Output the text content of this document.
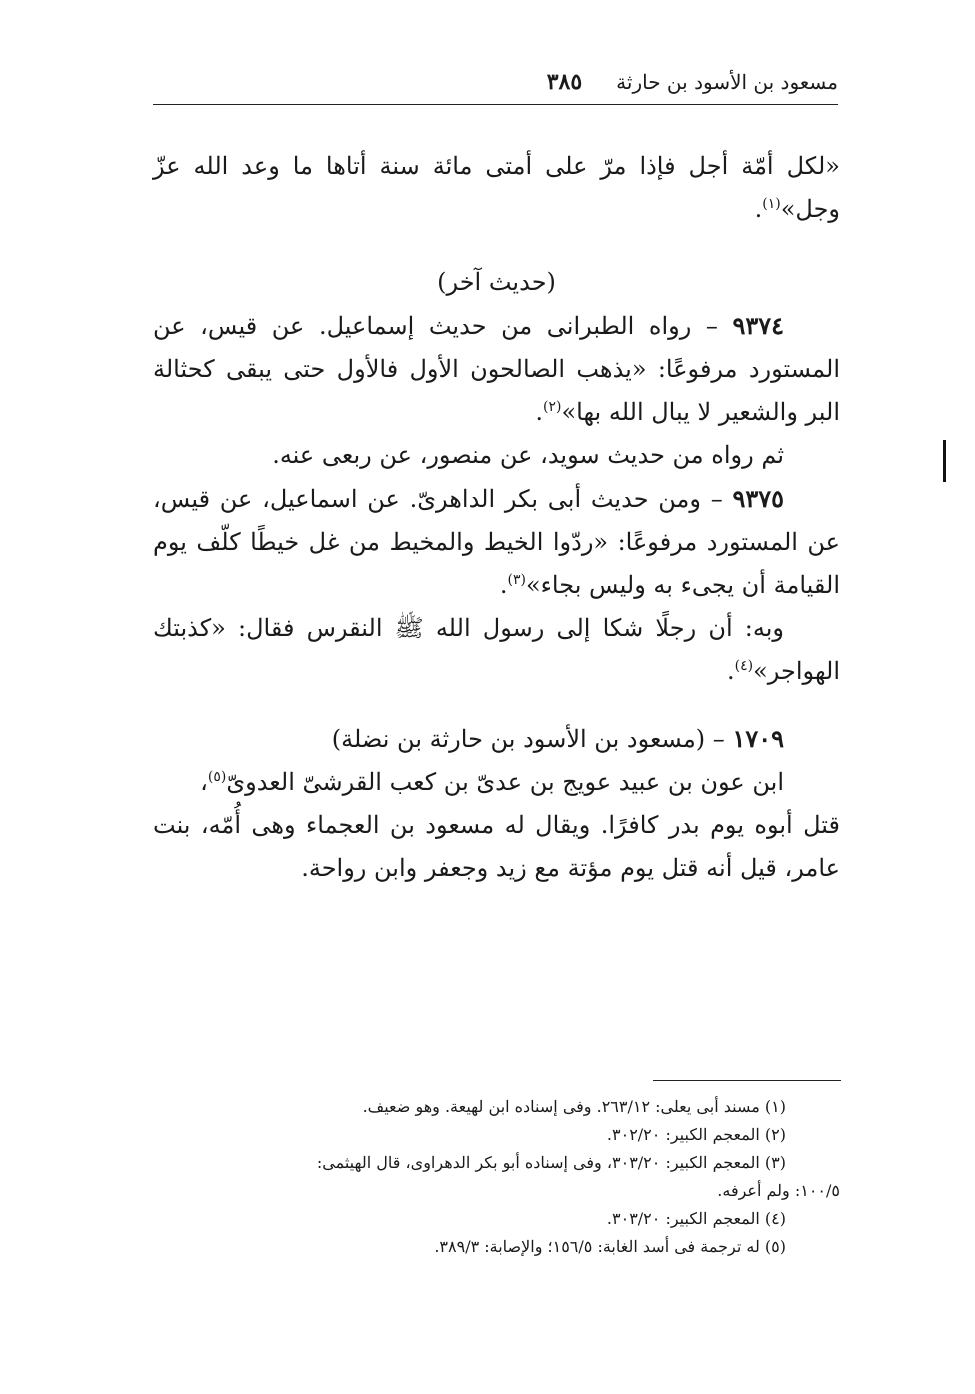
مسعود بن الأسود بن حارثة
٣٨٥

«لكل أمّة أجل فإذا مرّ على أمتى مائة سنة أتاها ما وعد الله عزّ وجل»$^{(١)}$.

(حديث آخر)

٩٣٧٤ – رواه الطبرانى من حديث إسماعيل. عن قيس، عن المستورد مرفوعًا: «يذهب الصالحون الأول فالأول حتى يبقى كحثالة البر والشعير لا يبال الله بها»$^{(٢)}$.

ثم رواه من حديث سويد، عن منصور، عن ربعى عنه.

٩٣٧٥ – ومن حديث أبى بكر الداهرىّ. عن اسماعيل، عن قيس، عن المستورد مرفوعًا: «ردّوا الخيط والمخيط من غل خيطًا كلّف يوم القيامة أن يجىء به وليس بجاء»$^{(٣)}$.

وبه: أن رجلًا شكا إلى رسول الله ﷺ النقرس فقال: «كذبتك الهواجر»$^{(٤)}$.

١٧٠٩ – (مسعود بن الأسود بن حارثة بن نضلة)

ابن عون بن عبيد عويج بن عدىّ بن كعب القرشىّ العدوىّ$^{(٥)}$،

قتل أبوه يوم بدر كافرًا. ويقال له مسعود بن العجماء وهى أُمّه، بنت عامر، قيل أنه قتل يوم مؤتة مع زيد وجعفر وابن رواحة.

(١) مسند أبى يعلى: ٢٦٣/١٢. وفى إسناده ابن لهيعة. وهو ضعيف.

(٢) المعجم الكبير: ٣٠٢/٢٠.

(٣) المعجم الكبير: ٣٠٣/٢٠، وفى إسناده أبو بكر الدهراوى، قال الهيثمى:

١٠٠/٥: ولم أعرفه.

(٤) المعجم الكبير: ٣٠٣/٢٠.

(٥) له ترجمة فى أسد الغابة: ١٥٦/٥؛ والإصابة: ٣٨٩/٣.
